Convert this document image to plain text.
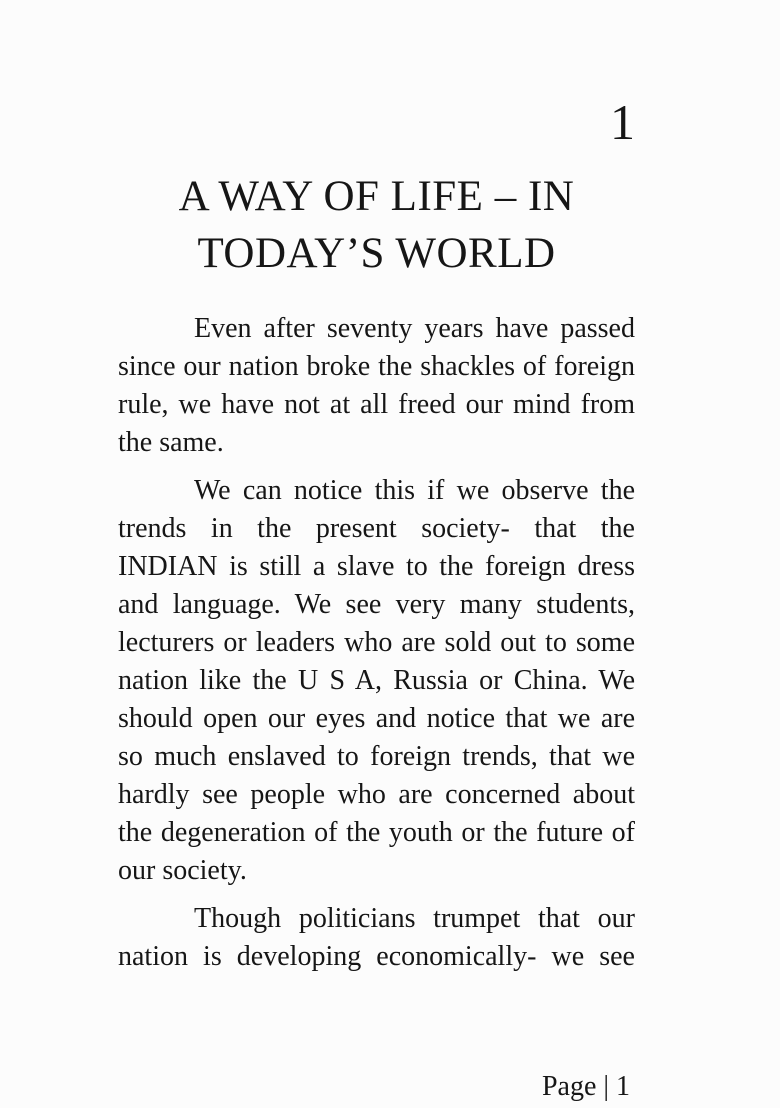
1
A WAY OF LIFE – IN
TODAY’S WORLD

Even after seventy years have passed
since our nation broke the shackles of foreign
rule, we have not at all freed our mind from
the same.

We can notice this if we observe the
trends in the present society- that the
INDIAN is still a slave to the foreign dress
and language. We see very many students,
lecturers or leaders who are sold out to some
nation like the U S A, Russia or China. We
should open our eyes and notice that we are
so much enslaved to foreign trends, that we
hardly see people who are concerned about
the degeneration of the youth or the future of
our society.

Though politicians trumpet that our
nation is developing economically- we see

Page | 1
